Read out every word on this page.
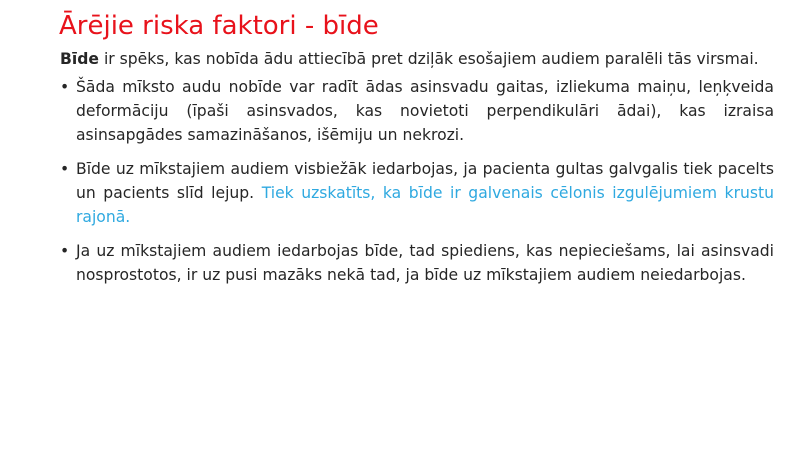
Ārējie riska faktori - bīde

Bīde ir spēks, kas nobīda ādu attiecībā pret dziļāk esošajiem audiem paralēli tās virsmai.

• Šāda mīksto audu nobīde var radīt ādas asinsvadu gaitas, izliekuma maiņu, leņķveida deformāciju (īpaši asinsvados, kas novietoti perpendikulāri ādai), kas izraisa asinsapgādes samazināšanos, išēmiju un nekrozi.
• Bīde uz mīkstajiem audiem visbiežāk iedarbojas, ja pacienta gultas galvgalis tiek pacelts un pacients slīd lejup. Tiek uzskatīts, ka bīde ir galvenais cēlonis izgulējumiem krustu rajonā.
• Ja uz mīkstajiem audiem iedarbojas bīde, tad spiediens, kas nepieciešams, lai asinsvadi nosprostotos, ir uz pusi mazāks nekā tad, ja bīde uz mīkstajiem audiem neiedarbojas.
